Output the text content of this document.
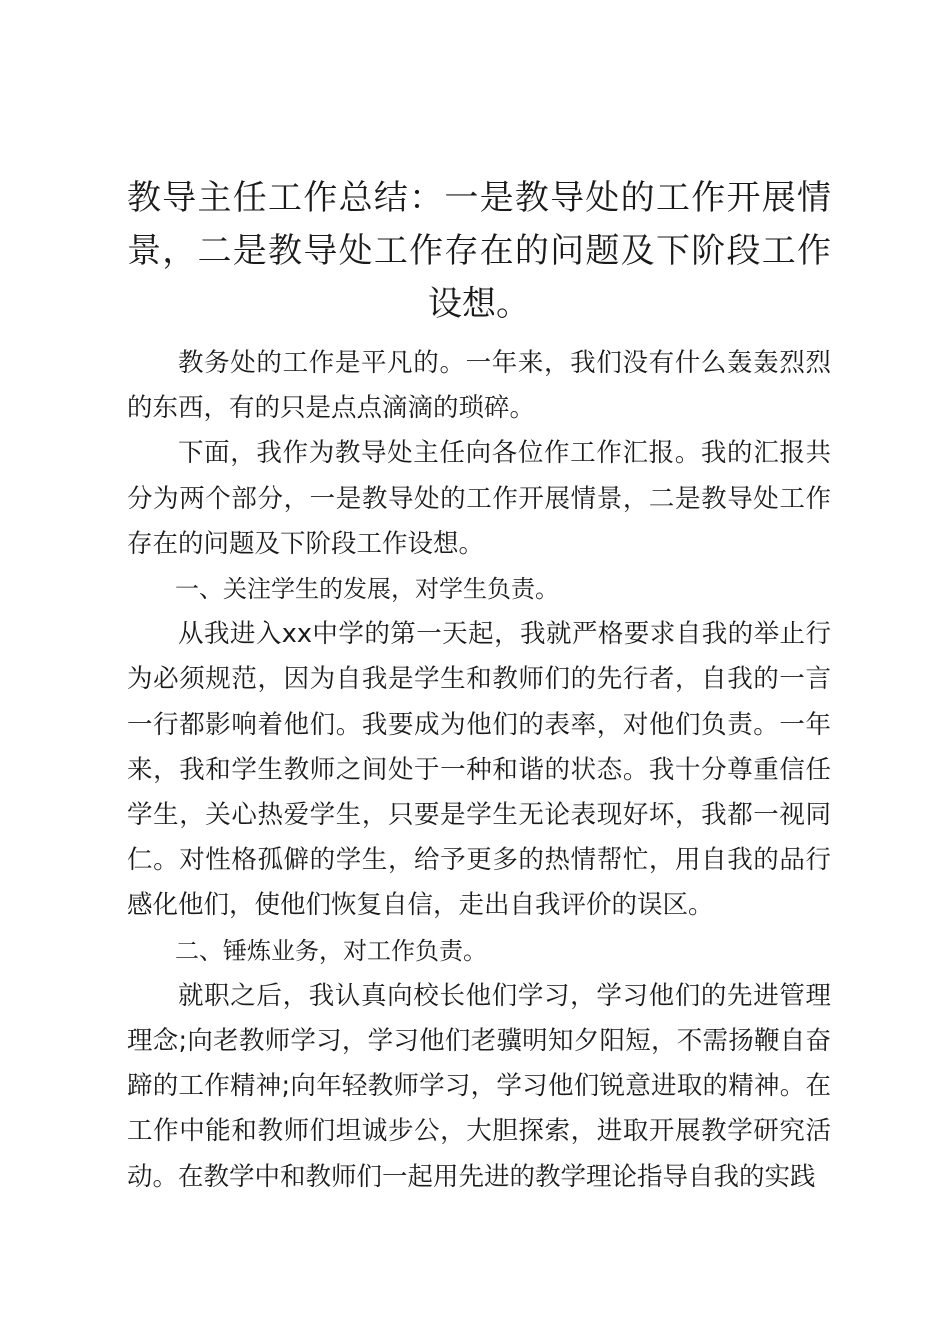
教导主任工作总结：一是教导处的工作开展情景，二是教导处工作存在的问题及下阶段工作设想。

教务处的工作是平凡的。一年来，我们没有什么轰轰烈烈的东西，有的只是点点滴滴的琐碎。

下面，我作为教导处主任向各位作工作汇报。我的汇报共分为两个部分，一是教导处的工作开展情景，二是教导处工作存在的问题及下阶段工作设想。

一、关注学生的发展，对学生负责。

从我进入xx中学的第一天起，我就严格要求自我的举止行为必须规范，因为自我是学生和教师们的先行者，自我的一言一行都影响着他们。我要成为他们的表率，对他们负责。一年来，我和学生教师之间处于一种和谐的状态。我十分尊重信任学生，关心热爱学生，只要是学生无论表现好坏，我都一视同仁。对性格孤僻的学生，给予更多的热情帮忙，用自我的品行感化他们，使他们恢复自信，走出自我评价的误区。

二、锤炼业务，对工作负责。

就职之后，我认真向校长他们学习，学习他们的先进管理理念;向老教师学习，学习他们老骥明知夕阳短，不需扬鞭自奋蹄的工作精神;向年轻教师学习，学习他们锐意进取的精神。在工作中能和教师们坦诚步公，大胆探索，进取开展教学研究活动。在教学中和教师们一起用先进的教学理论指导自我的实践
